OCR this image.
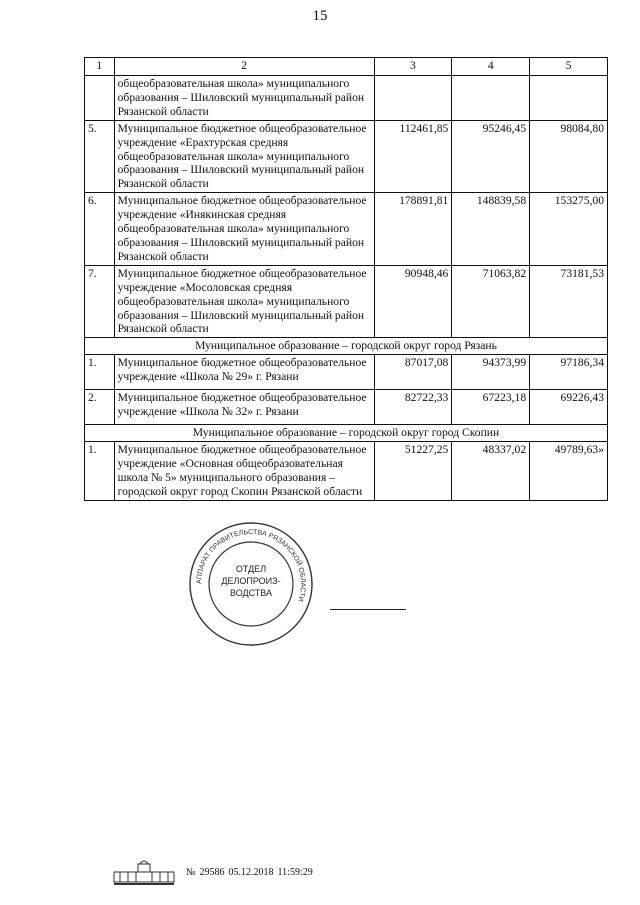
15
1	2	3	4	5
	общеобразовательная школа» муниципального образования – Шиловский муниципальный район Рязанской области			
5.	Муниципальное бюджетное общеобразовательное учреждение «Ерахтурская средняя общеобразовательная школа» муниципального образования – Шиловский муниципальный район Рязанской области	112461,85	95246,45	98084,80
6.	Муниципальное бюджетное общеобразовательное учреждение «Инякинская средняя общеобразовательная школа» муниципального образования – Шиловский муниципальный район Рязанской области	178891,81	148839,58	153275,00
7.	Муниципальное бюджетное общеобразовательное учреждение «Мосоловская средняя общеобразовательная школа» муниципального образования – Шиловский муниципальный район Рязанской области	90948,46	71063,82	73181,53
Муниципальное образование – городской округ город Рязань				
1.	Муниципальное бюджетное общеобразовательное учреждение «Школа № 29» г. Рязани	87017,08	94373,99	97186,34
2.	Муниципальное бюджетное общеобразовательное учреждение «Школа № 32» г. Рязани	82722,33	67223,18	69226,43
Муниципальное образование – городской округ город Скопин				
1.	Муниципальное бюджетное общеобразовательное учреждение «Основная общеобразовательная школа № 5» муниципального образования – городской округ город Скопин Рязанской области	51227,25	48337,02	49789,63»
АППАРАТ ПРАВИТЕЛЬСТВА РЯЗАНСКОЙ ОБЛАСТИ
ОТДЕЛ
ДЕЛОПРОИЗ-
ВОДСТВА
№ 29586 05.12.2018 11:59:29
